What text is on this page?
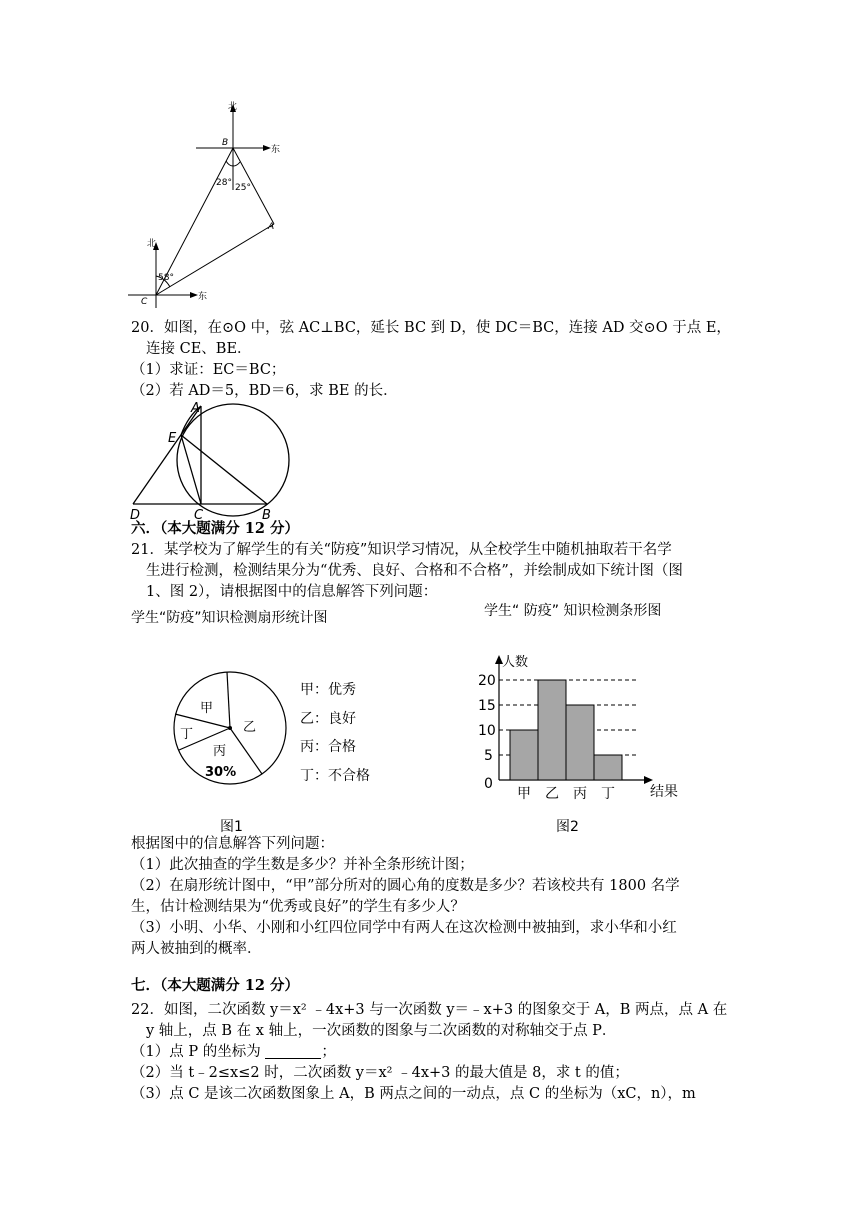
北
东
北
东
B
A
C
28° 25°
58°
20．如图，在⊙O 中，弦 AC⊥BC，延长 BC 到 D，使 DC＝BC，连接 AD 交⊙O 于点 E，
连接 CE、BE．
（1）求证：EC＝BC；
（2）若 AD＝5，BD＝6，求 BE 的长．
A
E
D	C	B
六．（本大题满分 12 分）
21．某学校为了解学生的有关“防疫”知识学习情况，从全校学生中随机抽取若干名学
生进行检测，检测结果分为“优秀、良好、合格和不合格”，并绘制成如下统计图（图
1、图 2），请根据图中的信息解答下列问题：
学生“ 防疫” 知识检测条形图
学生“防疫”知识检测扇形统计图
甲
乙
丁
丙
30%
甲：优秀
乙：良好
丙：合格
丁：不合格
人数
0
5
10
15
20
甲 乙 丙 丁	结果
图1	图2
根据图中的信息解答下列问题：
（1）此次抽查的学生数是多少？并补全条形统计图；
（2）在扇形统计图中，“甲”部分所对的圆心角的度数是多少？若该校共有 1800 名学
生，估计检测结果为“优秀或良好”的学生有多少人？
（3）小明、小华、小刚和小红四位同学中有两人在这次检测中被抽到，求小华和小红
两人被抽到的概率．
七．（本大题满分 12 分）
22．如图，二次函数 y＝x² ﹣4x+3 与一次函数 y＝﹣x+3 的图象交于 A，B 两点，点 A 在
y 轴上，点 B 在 x 轴上，一次函数的图象与二次函数的对称轴交于点 P．
（1）点 P 的坐标为	；
（2）当 t﹣2≤x≤2 时，二次函数 y＝x² ﹣4x+3 的最大值是 8，求 t 的值；
（3）点 C 是该二次函数图象上 A，B 两点之间的一动点，点 C 的坐标为（xC，n），m
